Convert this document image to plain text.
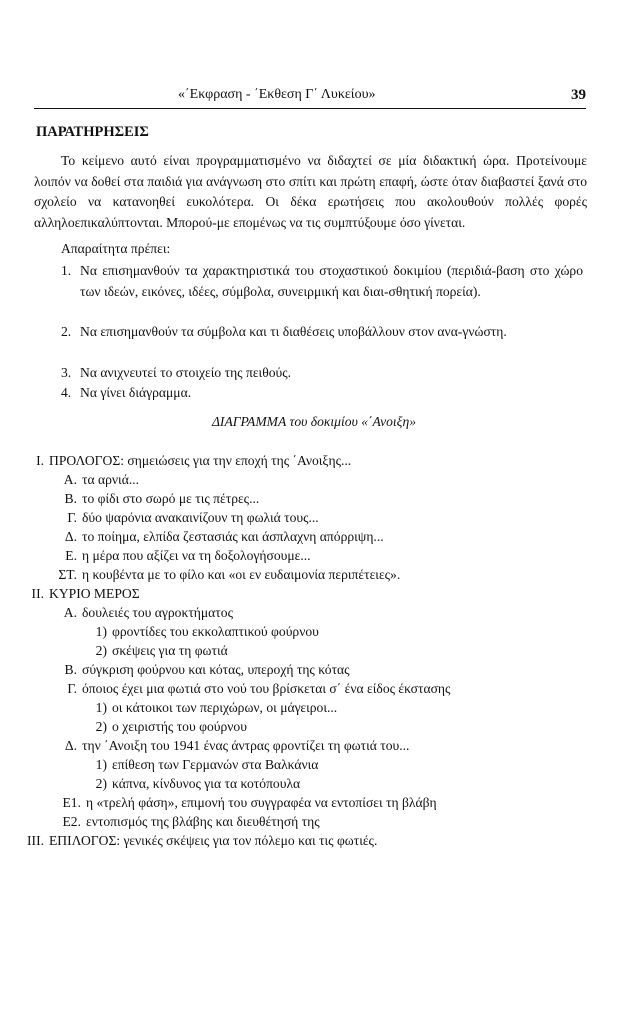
«΄Εκφραση - ΄Εκθεση Γ΄ Λυκείου»	39
ΠΑΡΑΤΗΡΗΣΕΙΣ

Το κείμενο αυτό είναι προγραμματισμένο να διδαχτεί σε μία διδακτική ώρα. Προτείνουμε λοιπόν να δοθεί στα παιδιά για ανάγνωση στο σπίτι και πρώτη επαφή, ώστε όταν διαβαστεί ξανά στο σχολείο να κατανοηθεί ευκολότερα. Οι δέκα ερωτήσεις που ακολουθούν πολλές φορές αλληλοεπικαλύπτονται. Μπορού-με επομένως να τις συμπτύξουμε όσο γίνεται.

Απαραίτητα πρέπει:
1. Να επισημανθούν τα χαρακτηριστικά του στοχαστικού δοκιμίου (περιδιά-βαση στο χώρο των ιδεών, εικόνες, ιδέες, σύμβολα, συνειρμική και διαι-σθητική πορεία).
2. Να επισημανθούν τα σύμβολα και τι διαθέσεις υποβάλλουν στον ανα-γνώστη.
3. Να ανιχνευτεί το στοιχείο της πειθούς.
4. Να γίνει διάγραμμα.
ΔΙΑΓΡΑΜΜΑ του δοκιμίου «΄Ανοιξη»
I. ΠΡΟΛΟΓΟΣ: σημειώσεις για την εποχή της ΄Ανοιξης...
Α. τα αρνιά...
Β. το φίδι στο σωρό με τις πέτρες...
Γ. δύο ψαρόνια ανακαινίζουν τη φωλιά τους...
Δ. το ποίημα, ελπίδα ζεστασιάς και άσπλαχνη απόρριψη...
Ε. η μέρα που αξίζει να τη δοξολογήσουμε...
ΣΤ. η κουβέντα με το φίλο και «οι εν ευδαιμονία περιπέτειες».
II. ΚΥΡΙΟ ΜΕΡΟΣ
Α. δουλειές του αγροκτήματος
1) φροντίδες του εκκολαπτικού φούρνου
2) σκέψεις για τη φωτιά
Β. σύγκριση φούρνου και κότας, υπεροχή της κότας
Γ. όποιος έχει μια φωτιά στο νού του βρίσκεται σ΄ ένα είδος έκστασης
1) οι κάτοικοι των περιχώρων, οι μάγειροι...
2) ο χειριστής του φούρνου
Δ. την ΄Ανοιξη του 1941 ένας άντρας φροντίζει τη φωτιά του...
1) επίθεση των Γερμανών στα Βαλκάνια
2) κάπνα, κίνδυνος για τα κοτόπουλα
Ε1. η «τρελή φάση», επιμονή του συγγραφέα να εντοπίσει τη βλάβη
Ε2. εντοπισμός της βλάβης και διευθέτησή της
III. ΕΠΙΛΟΓΟΣ: γενικές σκέψεις για τον πόλεμο και τις φωτιές.
